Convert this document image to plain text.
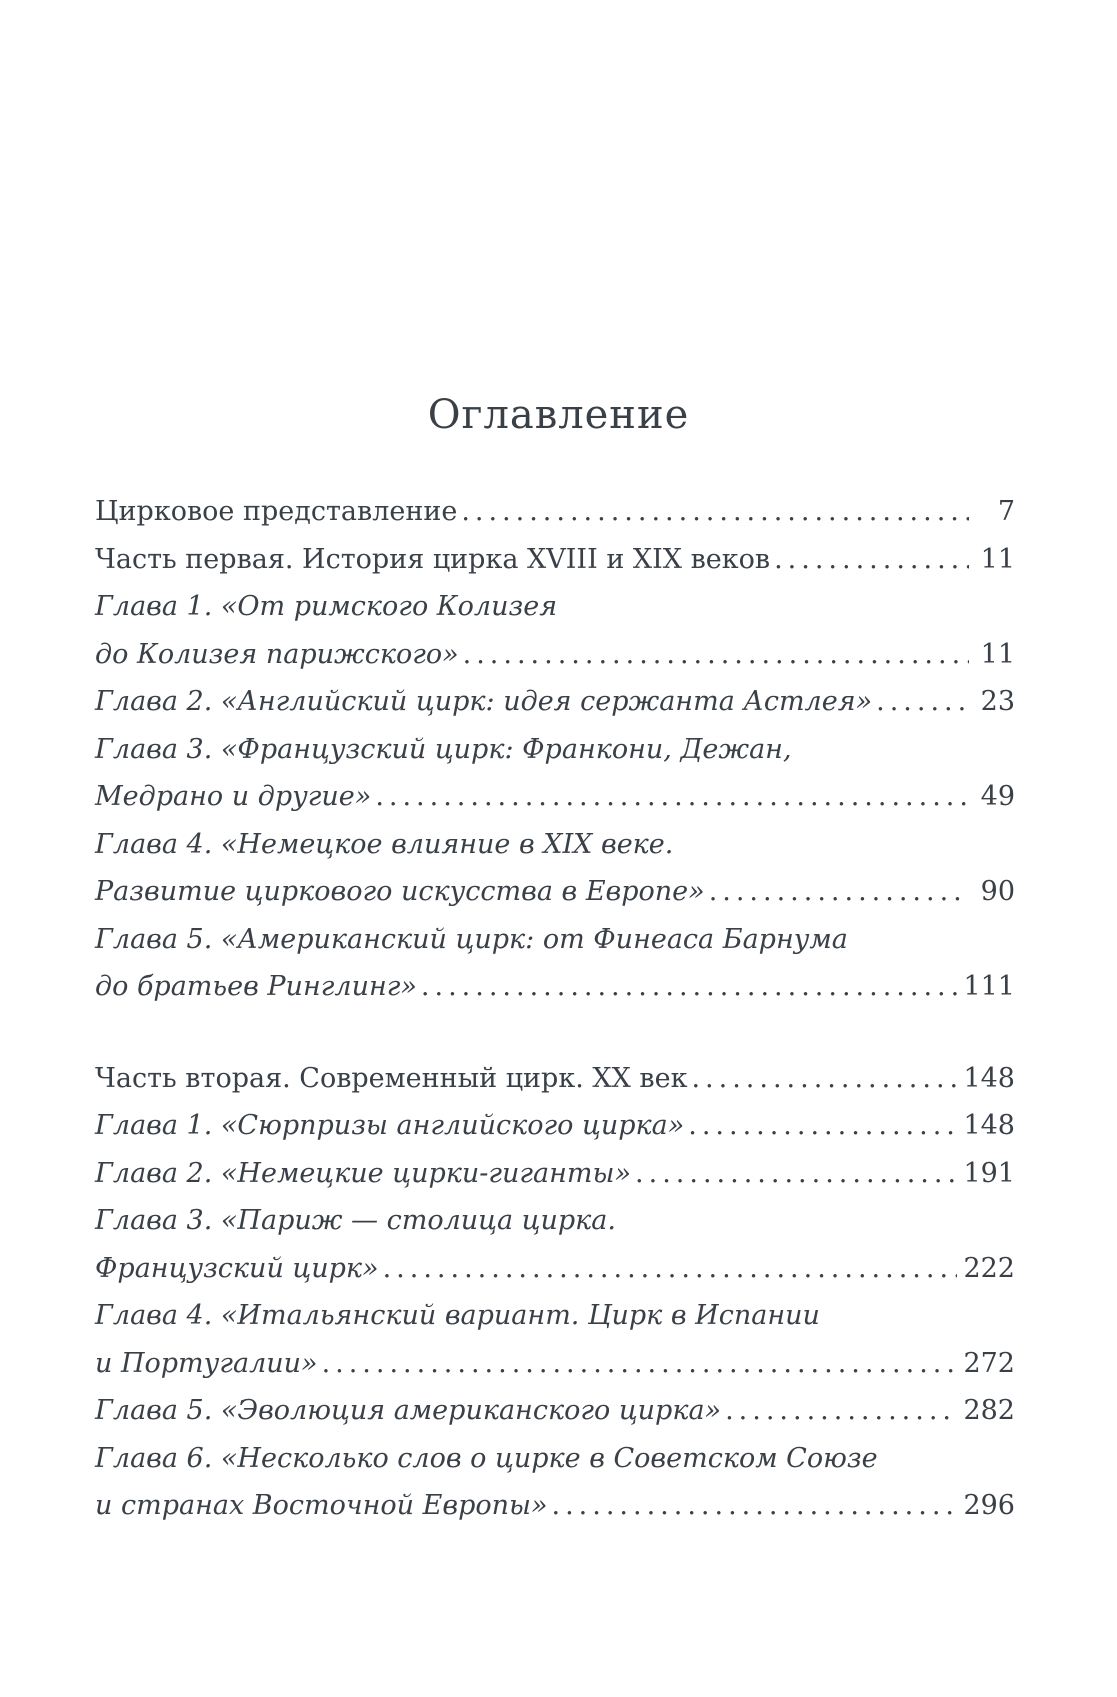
Оглавление
Цирковое представление .....	7
Часть первая. История цирка XVIII и XIX веков .....	11
Глава 1. «От римского Колизея
до Колизея парижского» .....	11
Глава 2. «Английский цирк: идея сержанта Астлея» .....	23
Глава 3. «Французский цирк: Франкони, Дежан,
Медрано и другие» .....	49
Глава 4. «Немецкое влияние в XIX веке.
Развитие циркового искусства в Европе» .....	90
Глава 5. «Американский цирк: от Финеаса Барнума
до братьев Ринглинг» .....	111
Часть вторая. Современный цирк. XX век .....	148
Глава 1. «Сюрпризы английского цирка» .....	148
Глава 2. «Немецкие цирки-гиганты» .....	191
Глава 3. «Париж — столица цирка.
Французский цирк» .....	222
Глава 4. «Итальянский вариант. Цирк в Испании
и Португалии» .....	272
Глава 5. «Эволюция американского цирка» .....	282
Глава 6. «Несколько слов о цирке в Советском Союзе
и странах Восточной Европы» .....	296
